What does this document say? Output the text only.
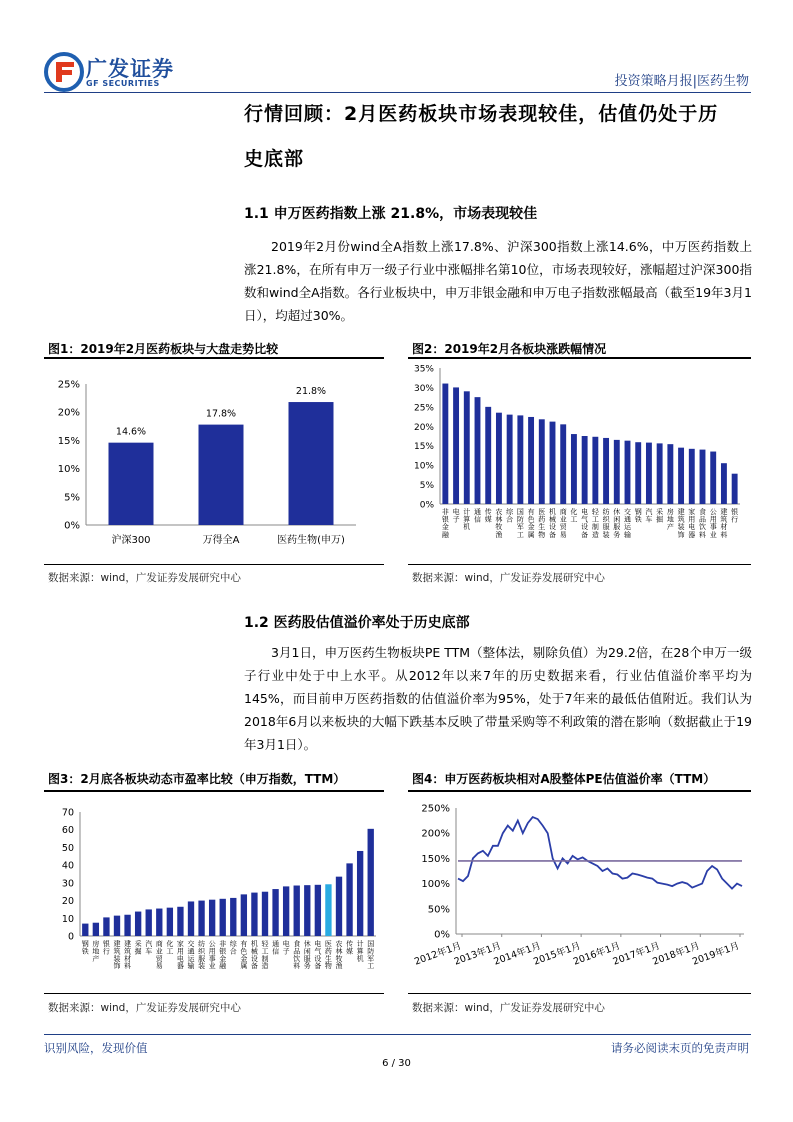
广发证券
GF SECURITIES	投资策略月报|医药生物
行情回顾：2月医药板块市场表现较佳，估值仍处于历
史底部
1.1 申万医药指数上涨 21.8%，市场表现较佳
2019年2月份wind全A指数上涨17.8%、沪深300指数上涨14.6%，中万医药指数上涨21.8%，在所有申万一级子行业中涨幅排名第10位，市场表现较好，涨幅超过沪深300指数和wind全A指数。各行业板块中，申万非银金融和申万电子指数涨幅最高（截至19年3月1日），均超过30%。
图1：2019年2月医药板块与大盘走势比较
0%
5%
10%
15%
20%
25%
14.6%
沪深300
17.8%
万得全A
21.8%
医药生物(申万)
数据来源：wind，广发证券发展研究中心
图2：2019年2月各板块涨跌幅情况
0%
5%
10%
15%
20%
25%
30%
35%
非
银
金
融
电
子
计
算
机
通
信
传
媒
农
林
牧
渔
综
合
国
防
军
工
有
色
金
属
医
药
生
物
机
械
设
备
商
业
贸
易
化
工
电
气
设
备
轻
工
制
造
纺
织
服
装
休
闲
服
务
交
通
运
输
钢
铁
汽
车
采
掘
房
地
产
建
筑
装
饰
家
用
电
器
食
品
饮
料
公
用
事
业
建
筑
材
料
银
行
数据来源：wind，广发证券发展研究中心
1.2 医药股估值溢价率处于历史底部
3月1日，申万医药生物板块PE TTM（整体法，剔除负值）为29.2倍，在28个申万一级子行业中处于中上水平。从2012年以来7年的历史数据来看，行业估值溢价率平均为145%，而目前申万医药指数的估值溢价率为95%，处于7年来的最低估值附近。我们认为2018年6月以来板块的大幅下跌基本反映了带量采购等不利政策的潜在影响（数据截止于19年3月1日）。
图3：2月底各板块动态市盈率比较（申万指数，TTM）
0
10
20
30
40
50
60
70
钢
铁
房
地
产
银
行
建
筑
装
饰
建
筑
材
料
采
掘
汽
车
商
业
贸
易
化
工
家
用
电
器
交
通
运
输
纺
织
服
装
公
用
事
业
非
银
金
融
综
合
有
色
金
属
机
械
设
备
轻
工
制
造
通
信
电
子
食
品
饮
料
休
闲
服
务
电
气
设
备
医
药
生
物
农
林
牧
渔
传
媒
计
算
机
国
防
军
工
数据来源：wind，广发证券发展研究中心
图4：申万医药板块相对A股整体PE估值溢价率（TTM）
0%
50%
100%
150%
200%
250%
2012年1月
2013年1月
2014年1月
2015年1月
2016年1月
2017年1月
2018年1月
2019年1月
数据来源：wind，广发证券发展研究中心
识别风险，发现价值
6 / 30
请务必阅读末页的免责声明
